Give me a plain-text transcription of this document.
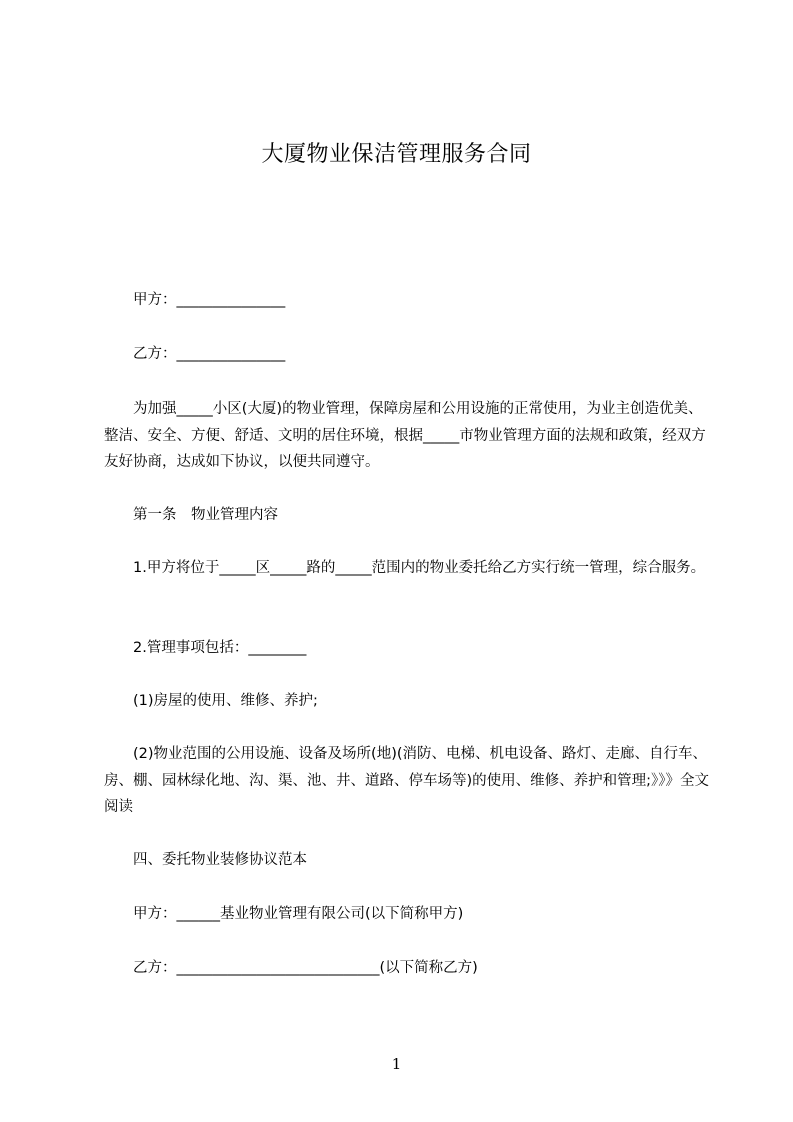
大厦物业保洁管理服务合同
　　甲方：_______________
　　乙方：_______________
　　为加强_____小区(大厦)的物业管理，保障房屋和公用设施的正常使用，为业主创造优美、整洁、安全、方便、舒适、文明的居住环境，根据_____市物业管理方面的法规和政策，经双方友好协商，达成如下协议，以便共同遵守。
　　第一条　物业管理内容
　　1.甲方将位于_____区_____路的_____范围内的物业委托给乙方实行统一管理，综合服务。
　　2.管理事项包括：________
　　(1)房屋的使用、维修、养护;
　　(2)物业范围的公用设施、设备及场所(地)(消防、电梯、机电设备、路灯、走廊、自行车、房、棚、园林绿化地、沟、渠、池、井、道路、停车场等)的使用、维修、养护和管理;》》》全文阅读
　　四、委托物业装修协议范本
　　甲方：______基业物业管理有限公司(以下简称甲方)
　　乙方：____________________________(以下简称乙方)
1
